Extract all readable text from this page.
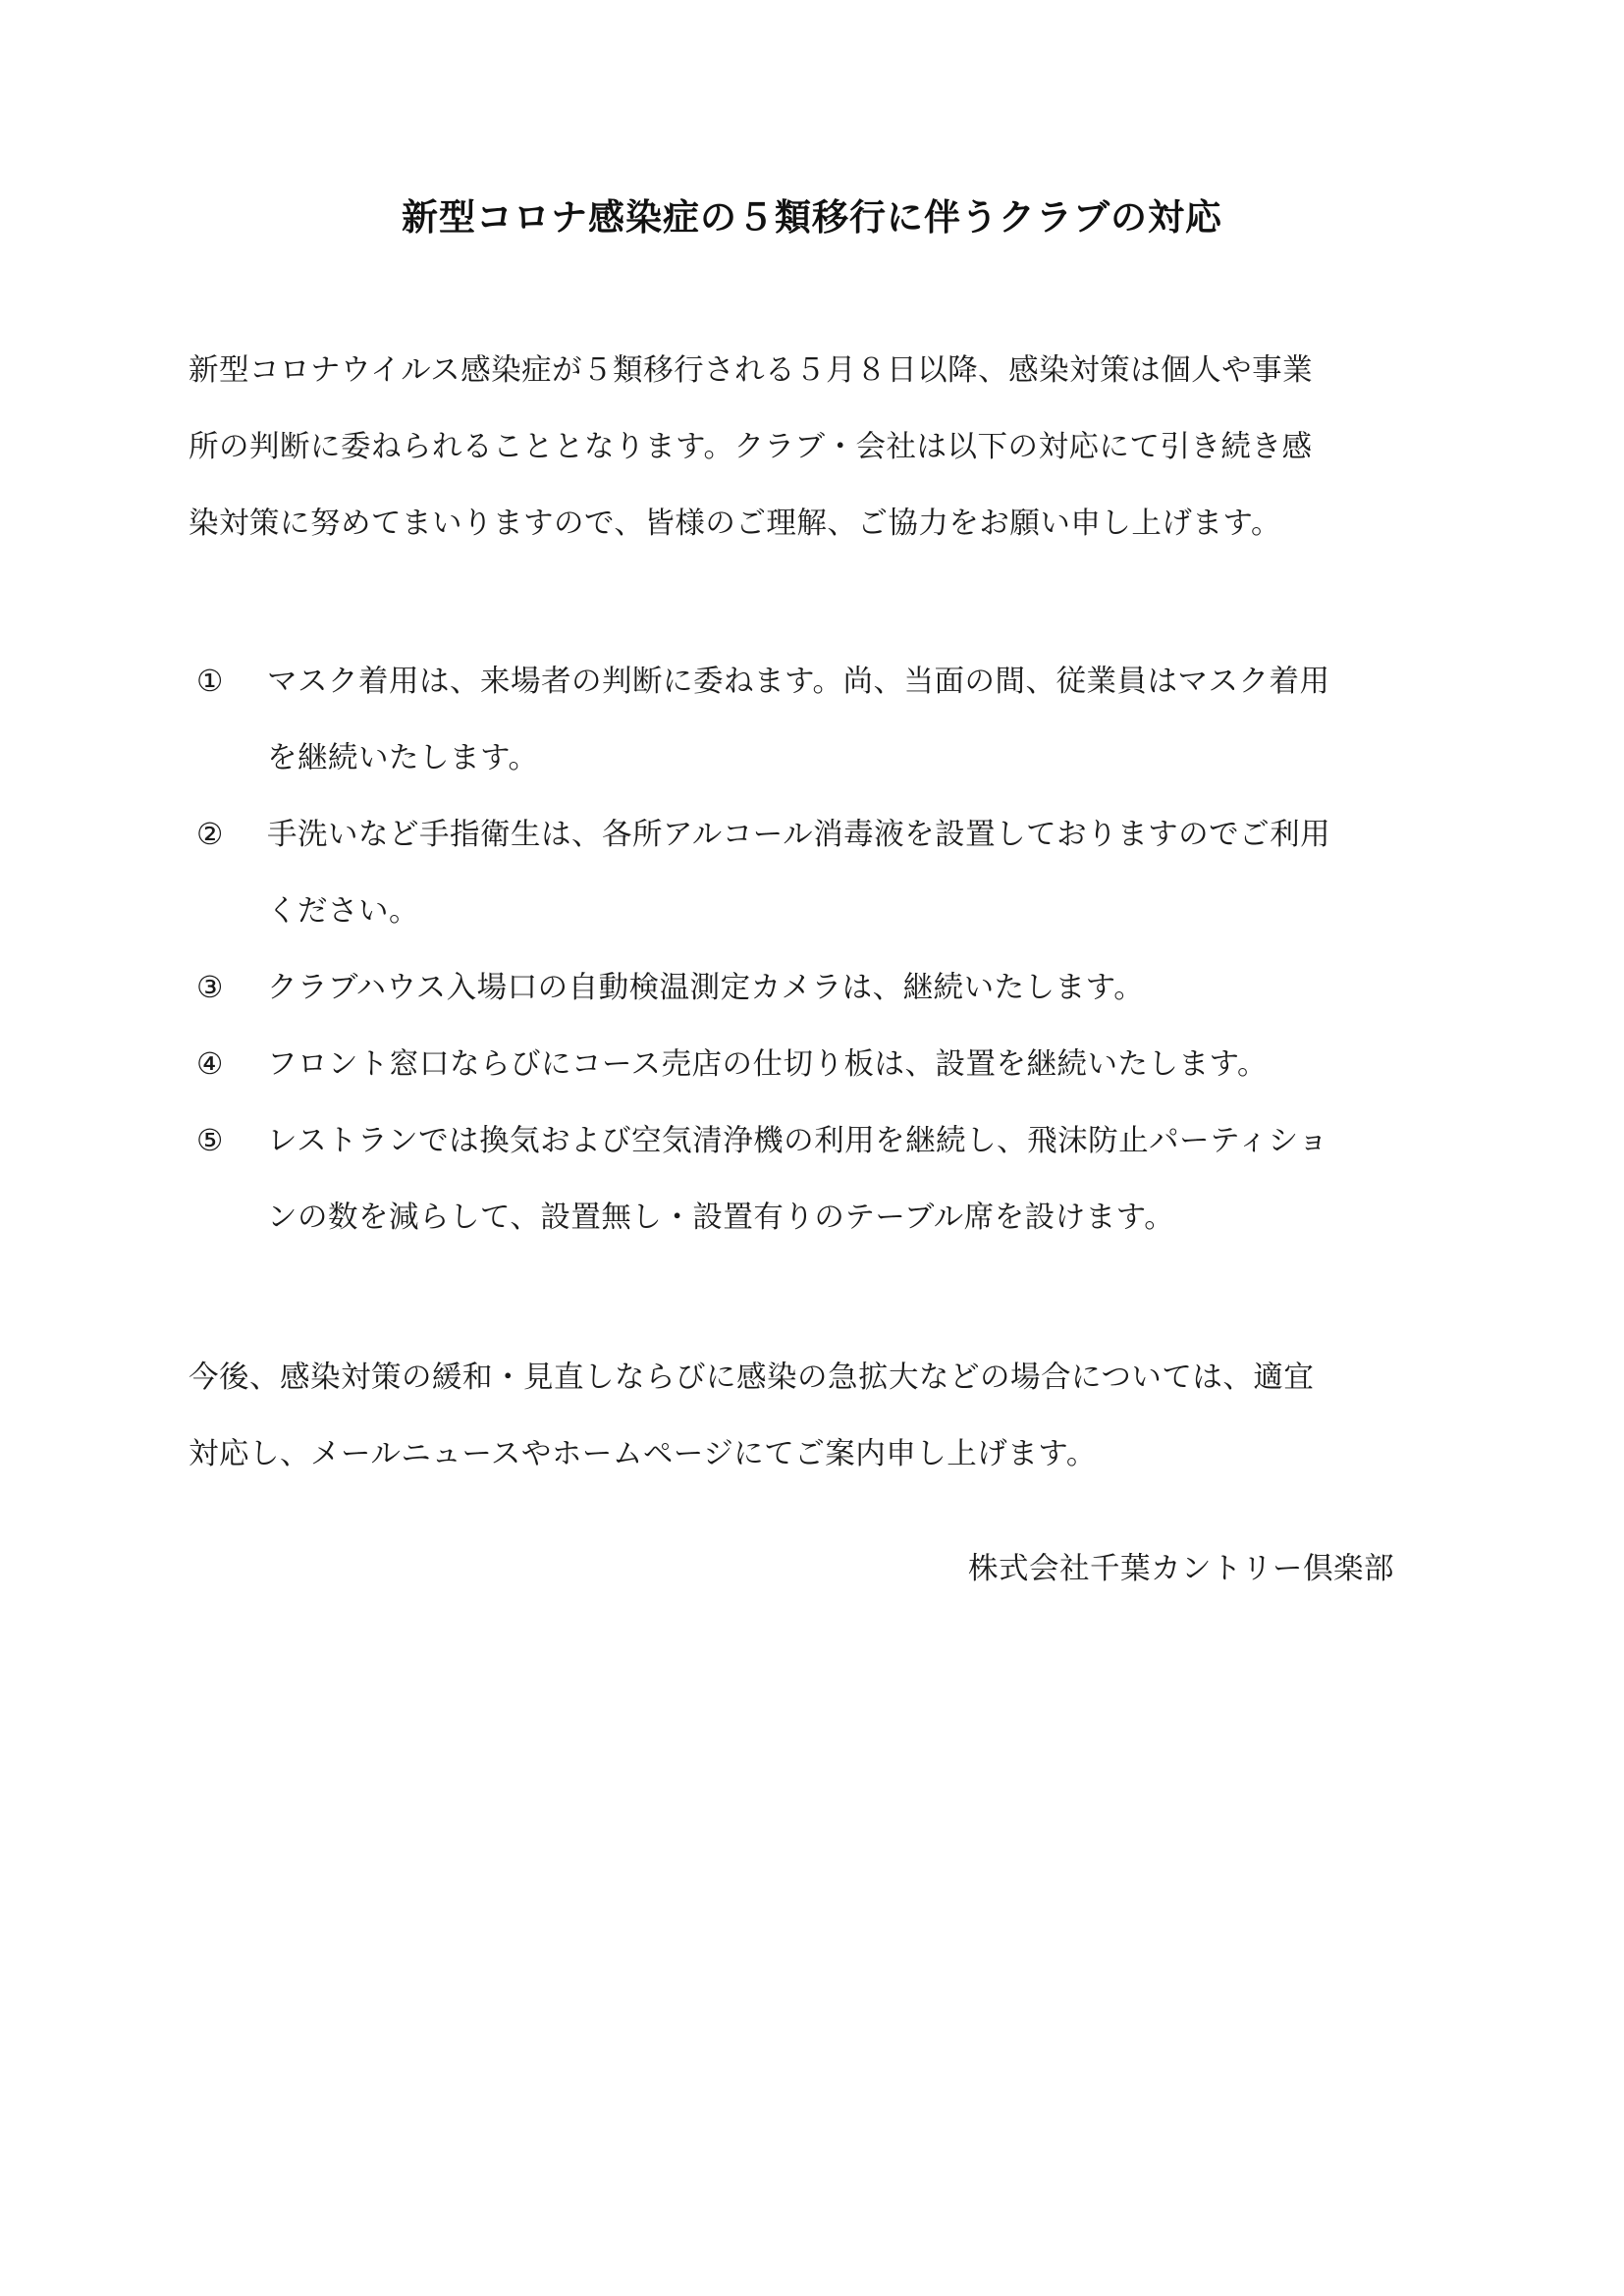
新型コロナ感染症の５類移行に伴うクラブの対応
新型コロナウイルス感染症が５類移行される５月８日以降、感染対策は個人や事業
所の判断に委ねられることとなります。クラブ・会社は以下の対応にて引き続き感
染対策に努めてまいりますので、皆様のご理解、ご協力をお願い申し上げます。
①	マスク着用は、来場者の判断に委ねます。尚、当面の間、従業員はマスク着用
を継続いたします。
②	手洗いなど手指衛生は、各所アルコール消毒液を設置しておりますのでご利用
ください。
③	クラブハウス入場口の自動検温測定カメラは、継続いたします。
④	フロント窓口ならびにコース売店の仕切り板は、設置を継続いたします。
⑤	レストランでは換気および空気清浄機の利用を継続し、飛沫防止パーティショ
ンの数を減らして、設置無し・設置有りのテーブル席を設けます。
今後、感染対策の緩和・見直しならびに感染の急拡大などの場合については、適宜
対応し、メールニュースやホームページにてご案内申し上げます。
株式会社千葉カントリー倶楽部
